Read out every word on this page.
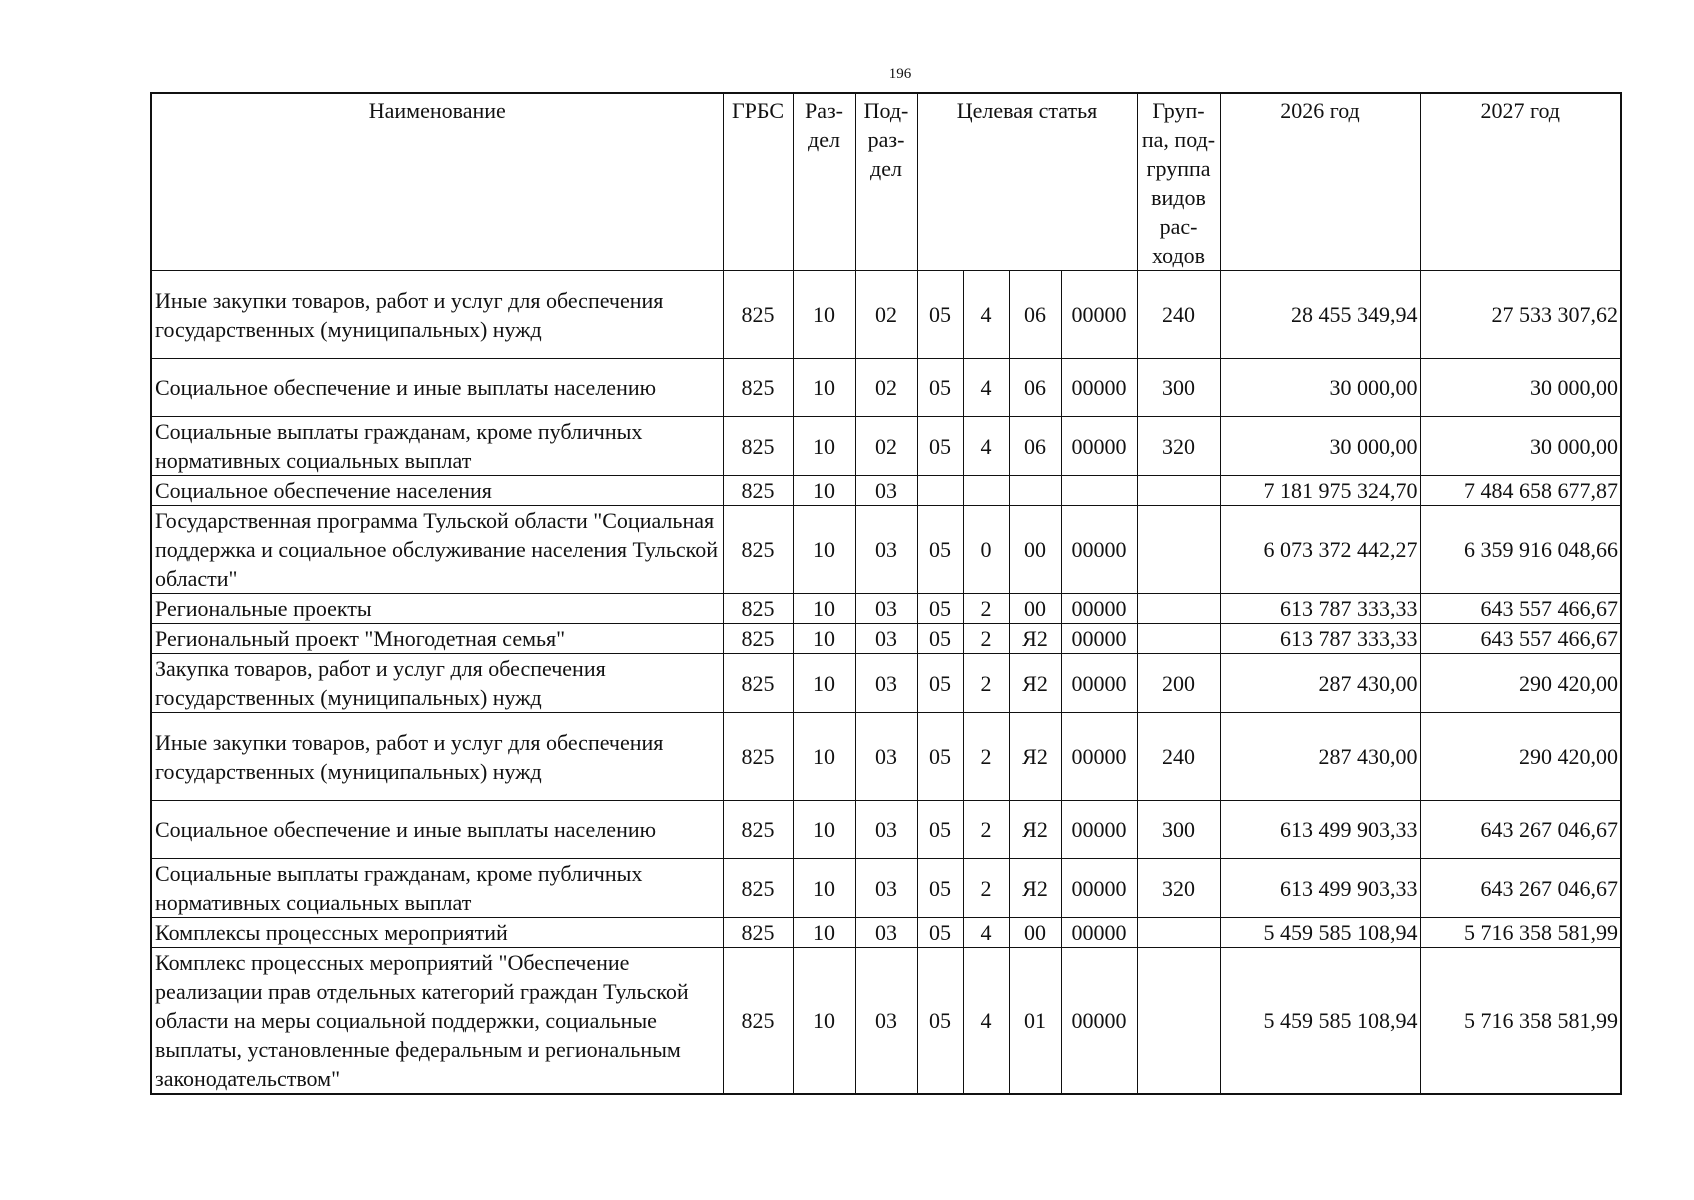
196
Наименование	ГРБС	Раз- дел	Под- раз- дел	Целевая статья				Груп- па, под- группа видов рас- ходов	2026 год	2027 год
Иные закупки товаров, работ и услуг для обеспечения государственных (муниципальных) нужд	825	10	02	05	4	06	00000	240	28 455 349,94	27 533 307,62
Социальное обеспечение и иные выплаты населению	825	10	02	05	4	06	00000	300	30 000,00	30 000,00
Социальные выплаты гражданам, кроме публичных нормативных социальных выплат	825	10	02	05	4	06	00000	320	30 000,00	30 000,00
Социальное обеспечение населения	825	10	03						7 181 975 324,70	7 484 658 677,87
Государственная программа Тульской области "Социальная поддержка и социальное обслуживание населения Тульской области"	825	10	03	05	0	00	00000		6 073 372 442,27	6 359 916 048,66
Региональные проекты	825	10	03	05	2	00	00000		613 787 333,33	643 557 466,67
Региональный проект "Многодетная семья"	825	10	03	05	2	Я2	00000		613 787 333,33	643 557 466,67
Закупка товаров, работ и услуг для обеспечения государственных (муниципальных) нужд	825	10	03	05	2	Я2	00000	200	287 430,00	290 420,00
Иные закупки товаров, работ и услуг для обеспечения государственных (муниципальных) нужд	825	10	03	05	2	Я2	00000	240	287 430,00	290 420,00
Социальное обеспечение и иные выплаты населению	825	10	03	05	2	Я2	00000	300	613 499 903,33	643 267 046,67
Социальные выплаты гражданам, кроме публичных нормативных социальных выплат	825	10	03	05	2	Я2	00000	320	613 499 903,33	643 267 046,67
Комплексы процессных мероприятий	825	10	03	05	4	00	00000		5 459 585 108,94	5 716 358 581,99
Комплекс процессных мероприятий "Обеспечение реализации прав отдельных категорий граждан Тульской области на меры социальной поддержки, социальные выплаты, установленные федеральным и региональным законодательством"	825	10	03	05	4	01	00000		5 459 585 108,94	5 716 358 581,99
